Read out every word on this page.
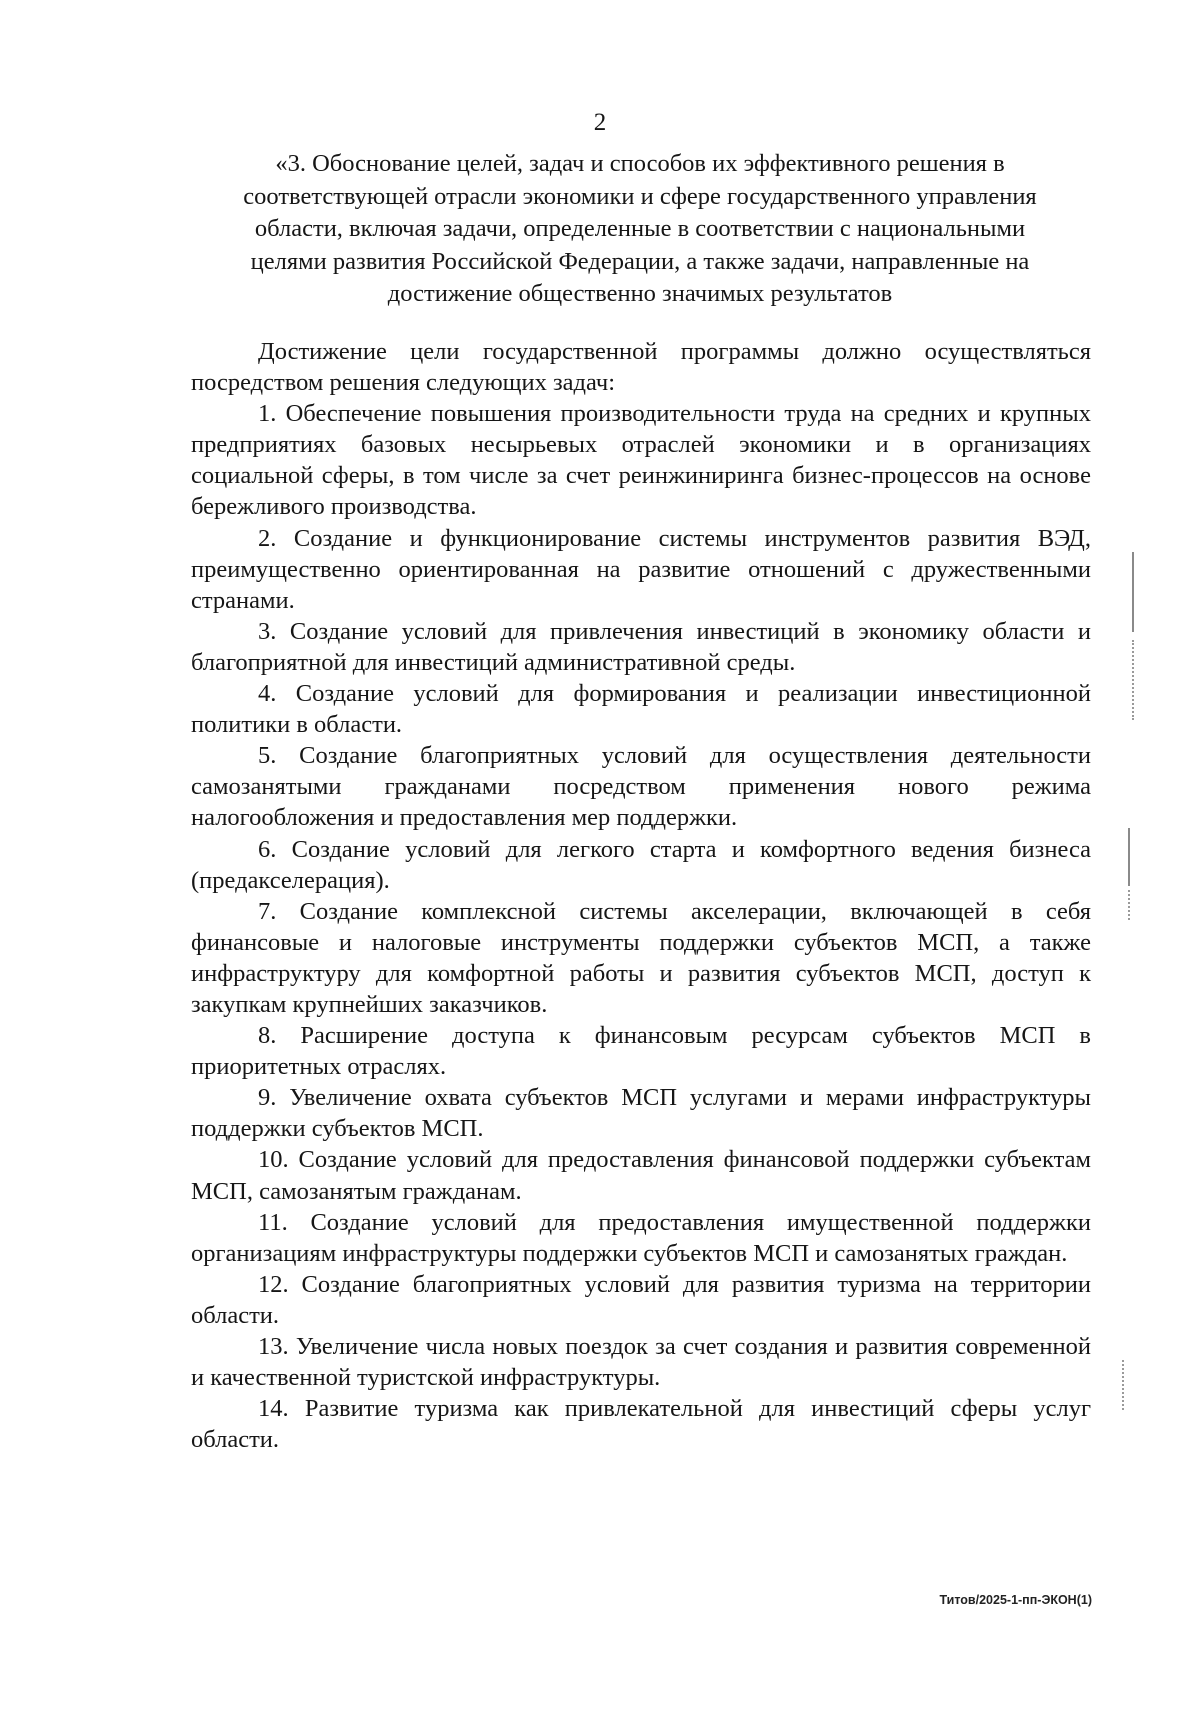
2
«3. Обоснование целей, задач и способов их эффективного решения в
соответствующей отрасли экономики и сфере государственного управления
области, включая задачи, определенные в соответствии с национальными
целями развития Российской Федерации, а также задачи, направленные на
достижение общественно значимых результатов

Достижение цели государственной программы должно осуществляться посредством решения следующих задач:

1. Обеспечение повышения производительности труда на средних и крупных предприятиях базовых несырьевых отраслей экономики и в организациях социальной сферы, в том числе за счет реинжиниринга бизнес-процессов на основе бережливого производства.

2. Создание и функционирование системы инструментов развития ВЭД, преимущественно ориентированная на развитие отношений с дружественными странами.

3. Создание условий для привлечения инвестиций в экономику области и благоприятной для инвестиций административной среды.

4. Создание условий для формирования и реализации инвестиционной политики в области.

5. Создание благоприятных условий для осуществления деятельности самозанятыми гражданами посредством применения нового режима налогообложения и предоставления мер поддержки.

6. Создание условий для легкого старта и комфортного ведения бизнеса (предакселерация).

7. Создание комплексной системы акселерации, включающей в себя финансовые и налоговые инструменты поддержки субъектов МСП, а также инфраструктуру для комфортной работы и развития субъектов МСП, доступ к закупкам крупнейших заказчиков.

8. Расширение доступа к финансовым ресурсам субъектов МСП в приоритетных отраслях.

9. Увеличение охвата субъектов МСП услугами и мерами инфраструктуры поддержки субъектов МСП.

10. Создание условий для предоставления финансовой поддержки субъектам МСП, самозанятым гражданам.

11. Создание условий для предоставления имущественной поддержки организациям инфраструктуры поддержки субъектов МСП и самозанятых граждан.

12. Создание благоприятных условий для развития туризма на территории области.

13. Увеличение числа новых поездок за счет создания и развития современной и качественной туристской инфраструктуры.

14. Развитие туризма как привлекательной для инвестиций сферы услуг области.

Титов/2025-1-пп-ЭКОН(1)
